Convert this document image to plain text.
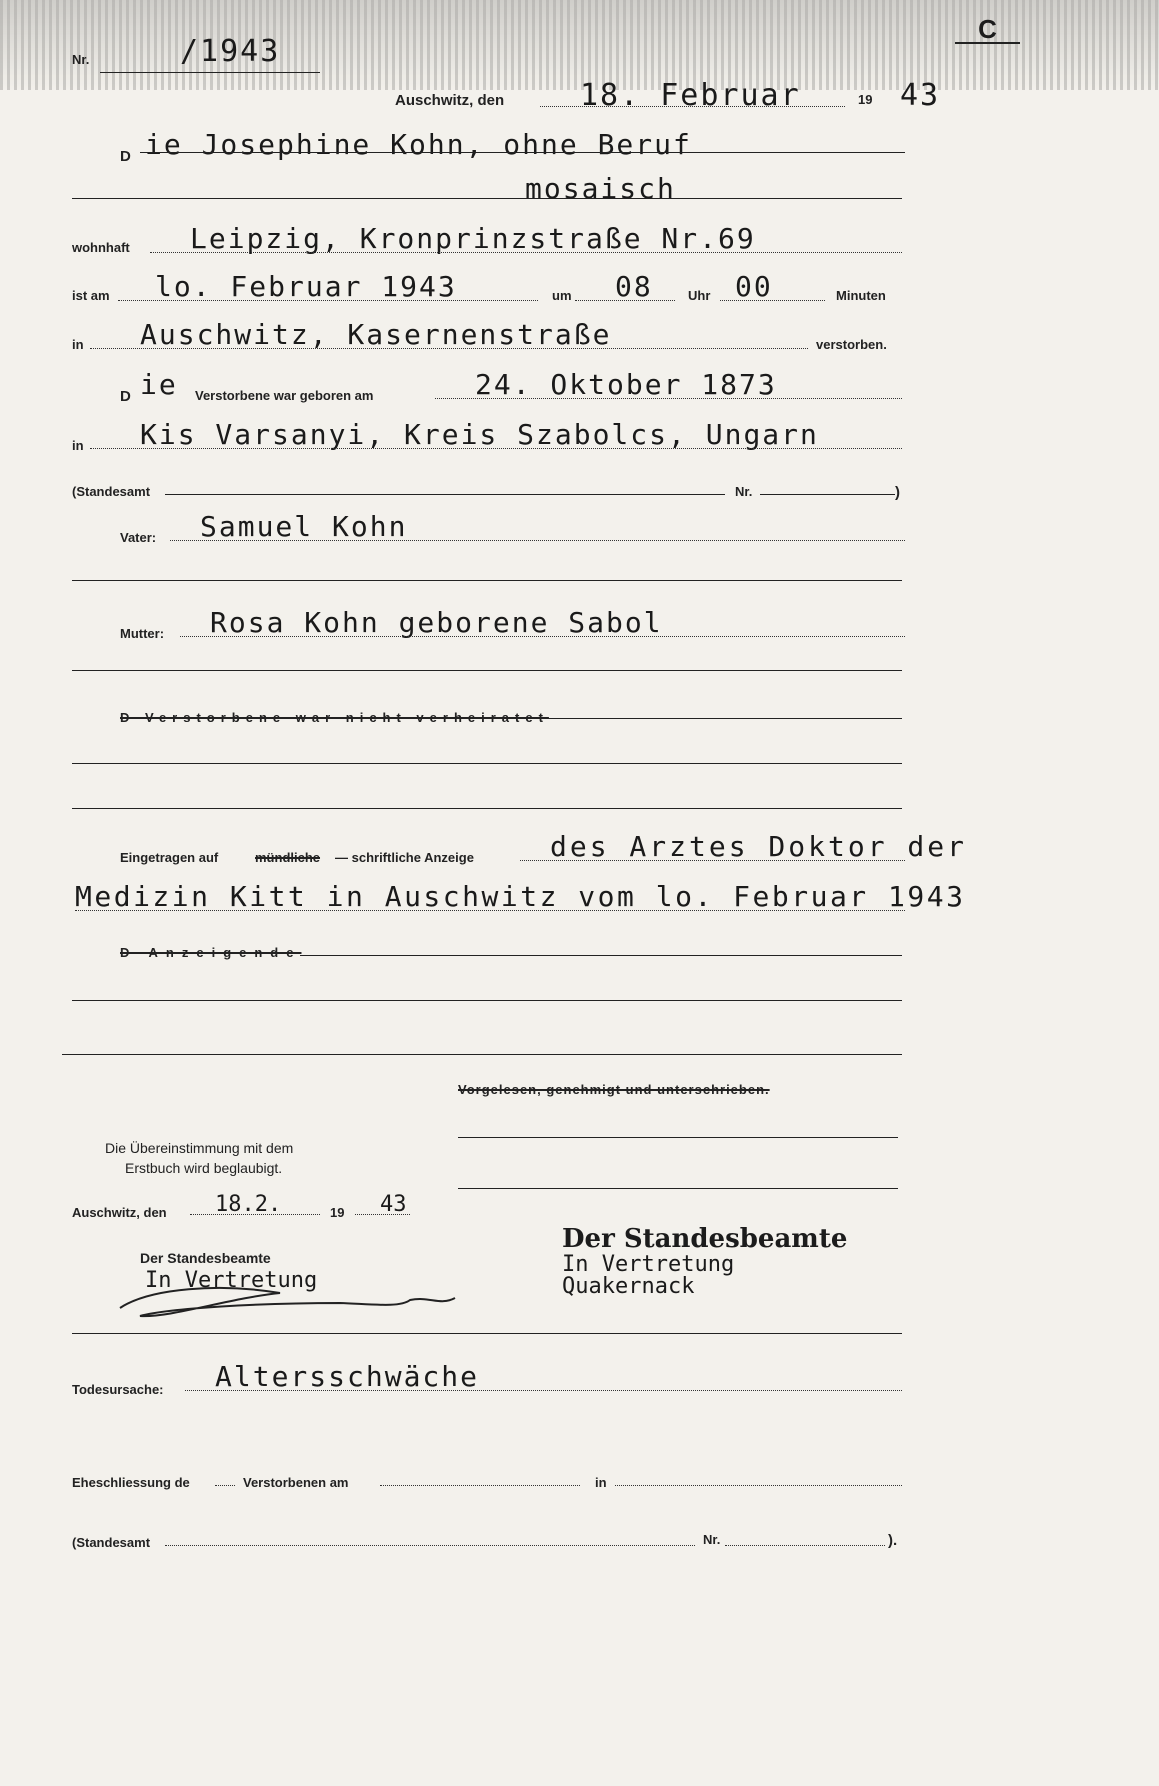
Nr.	/1943
C
Auschwitz, den	18. Februar	19 43
D ie Josephine Kohn, ohne Beruf
mosaisch
wohnhaft Leipzig, Kronprinzstraße Nr.69
ist am lo. Februar 1943	um 08	Uhr 00	Minuten
in Auschwitz, Kasernenstraße	verstorben.
D ie Verstorbene war geboren am	24. Oktober 1873
in Kis Varsanyi, Kreis Szabolcs, Ungarn
(Standesamt	Nr.	)
Vater: Samuel Kohn
Mutter: Rosa Kohn geborene Sabol
D Verstorbene war nicht verheiratet
Eingetragen auf	mündliche — schriftliche Anzeige	des Arztes Doktor der
Medizin Kitt in Auschwitz vom lo. Februar 1943
D Anzeigende
Vorgelesen, genehmigt und unterschrieben.
Die Übereinstimmung mit dem
Erstbuch wird beglaubigt.
Auschwitz, den 18.2.	19 43
Der Standesbeamte
In Vertretung
Der Standesbeamte
In Vertretung
Quakernack
Todesursache: Altersschwäche
Eheschliessung de	Verstorbenen am	in
(Standesamt	Nr.	).
